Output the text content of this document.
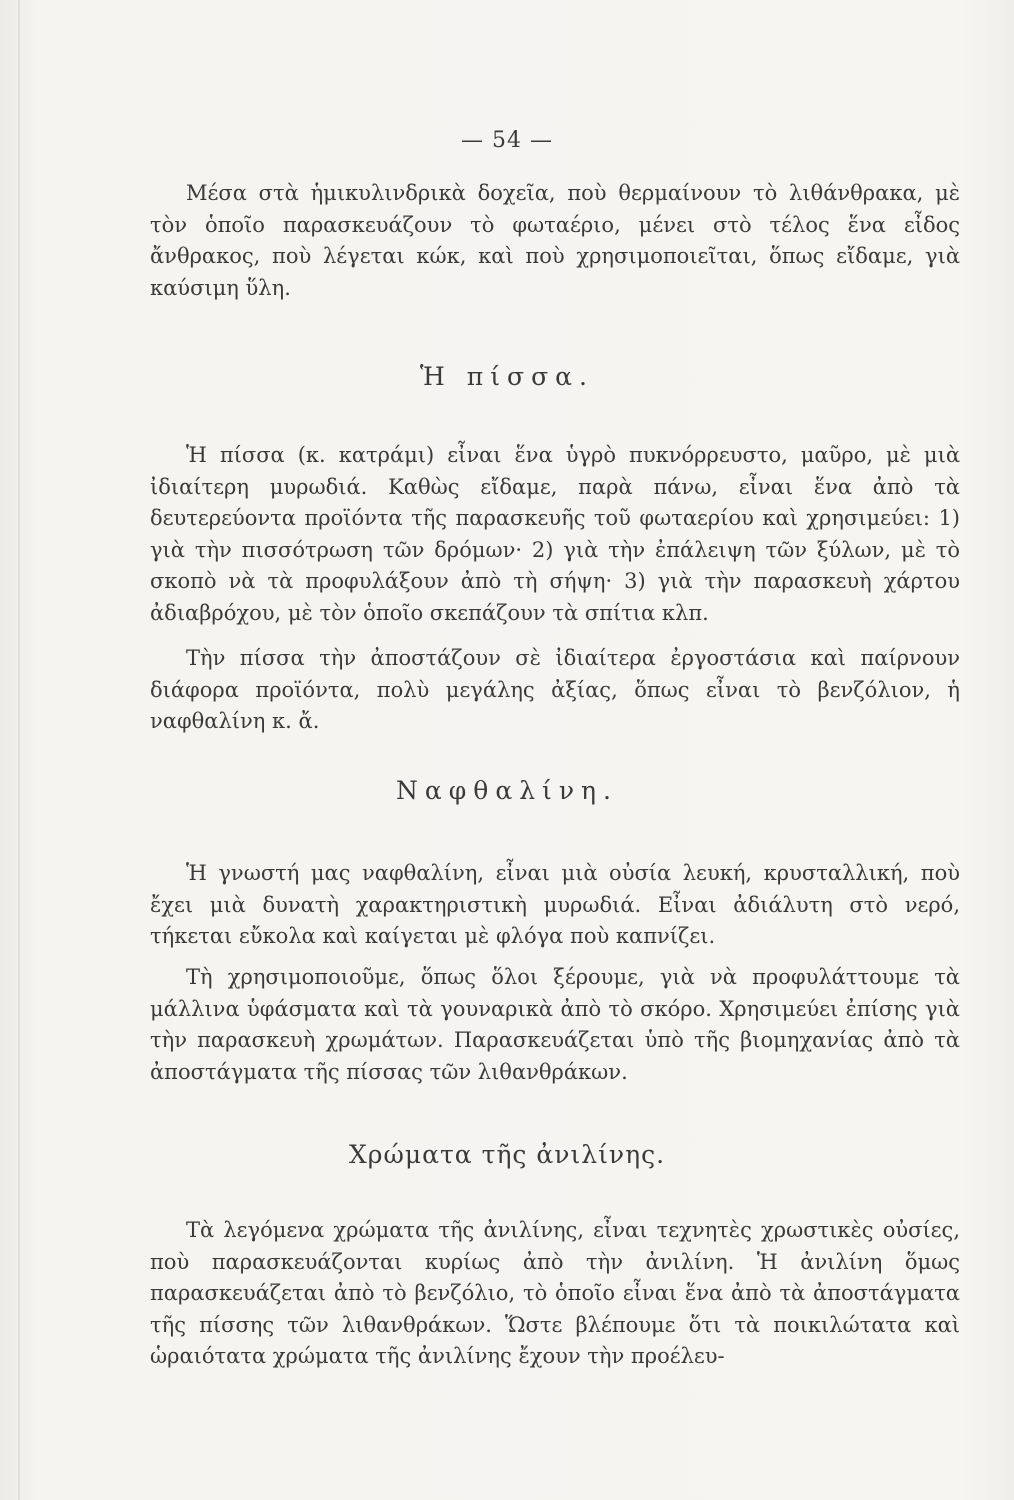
— 54 —

Μέσα στὰ ἡμικυλινδρικὰ δοχεῖα, ποὺ θερμαίνουν τὸ λιθάνθρακα, μὲ τὸν ὁποῖο παρασκευάζουν τὸ φωταέριο, μένει στὸ τέλος ἕνα εἶδος ἄνθρακος, ποὺ λέγεται κώκ, καὶ ποὺ χρησιμοποιεῖται, ὅπως εἴδαμε, γιὰ καύσιμη ὕλη.

Ἡ πίσσα.

Ἡ πίσσα (κ. κατράμι) εἶναι ἕνα ὑγρὸ πυκνόρρευστο, μαῦρο, μὲ μιὰ ἰδιαίτερη μυρωδιά. Καθὼς εἴδαμε, παρὰ πάνω, εἶναι ἕνα ἀπὸ τὰ δευτερεύοντα προϊόντα τῆς παρασκευῆς τοῦ φωταερίου καὶ χρησιμεύει: 1) γιὰ τὴν πισσότρωση τῶν δρόμων· 2) γιὰ τὴν ἐπάλειψη τῶν ξύλων, μὲ τὸ σκοπὸ νὰ τὰ προφυλάξουν ἀπὸ τὴ σήψη· 3) γιὰ τὴν παρασκευὴ χάρτου ἀδιαβρόχου, μὲ τὸν ὁποῖο σκεπάζουν τὰ σπίτια κλπ.

Τὴν πίσσα τὴν ἀποστάζουν σὲ ἰδιαίτερα ἐργοστάσια καὶ παίρνουν διάφορα προϊόντα, πολὺ μεγάλης ἀξίας, ὅπως εἶναι τὸ βενζόλιον, ἡ ναφθαλίνη κ. ἄ.

Ναφθαλίνη.

Ἡ γνωστή μας ναφθαλίνη, εἶναι μιὰ οὐσία λευκή, κρυσταλλική, ποὺ ἔχει μιὰ δυνατὴ χαρακτηριστικὴ μυρωδιά. Εἶναι ἀδιάλυτη στὸ νερό, τήκεται εὔκολα καὶ καίγεται μὲ φλόγα ποὺ καπνίζει.

Τὴ χρησιμοποιοῦμε, ὅπως ὅλοι ξέρουμε, γιὰ νὰ προφυλάττουμε τὰ μάλλινα ὑφάσματα καὶ τὰ γουναρικὰ ἀπὸ τὸ σκόρο. Χρησιμεύει ἐπίσης γιὰ τὴν παρασκευὴ χρωμάτων. Παρασκευάζεται ὑπὸ τῆς βιομηχανίας ἀπὸ τὰ ἀποστάγματα τῆς πίσσας τῶν λιθανθράκων.

Χρώματα τῆς ἀνιλίνης.

Τὰ λεγόμενα χρώματα τῆς ἀνιλίνης, εἶναι τεχνητὲς χρωστικὲς οὐσίες, ποὺ παρασκευάζονται κυρίως ἀπὸ τὴν ἀνιλίνη. Ἡ ἀνιλίνη ὅμως παρασκευάζεται ἀπὸ τὸ βενζόλιο, τὸ ὁποῖο εἶναι ἕνα ἀπὸ τὰ ἀποστάγματα τῆς πίσσης τῶν λιθανθράκων. Ὥστε βλέπουμε ὅτι τὰ ποικιλώτατα καὶ ὡραιότατα χρώματα τῆς ἀνιλίνης ἔχουν τὴν προέλευ-
